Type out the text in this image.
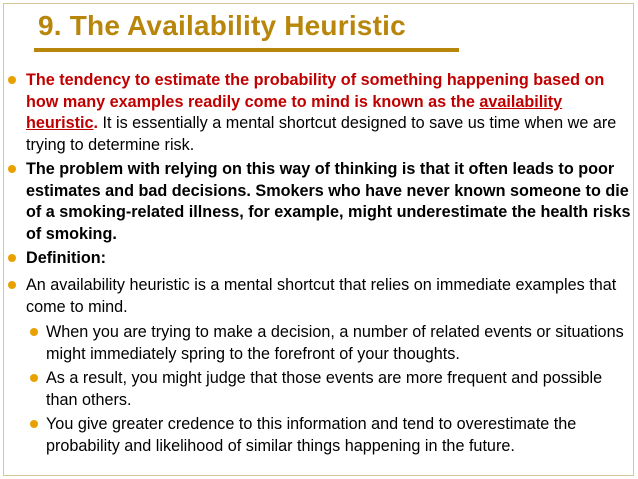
9. The Availability Heuristic
The tendency to estimate the probability of something happening based on how many examples readily come to mind is known as the availability heuristic. It is essentially a mental shortcut designed to save us time when we are trying to determine risk.
The problem with relying on this way of thinking is that it often leads to poor estimates and bad decisions. Smokers who have never known someone to die of a smoking-related illness, for example, might underestimate the health risks of smoking.
Definition:
An availability heuristic is a mental shortcut that relies on immediate examples that come to mind.
When you are trying to make a decision, a number of related events or situations might immediately spring to the forefront of your thoughts.
As a result, you might judge that those events are more frequent and possible than others.
You give greater credence to this information and tend to overestimate the probability and likelihood of similar things happening in the future.
